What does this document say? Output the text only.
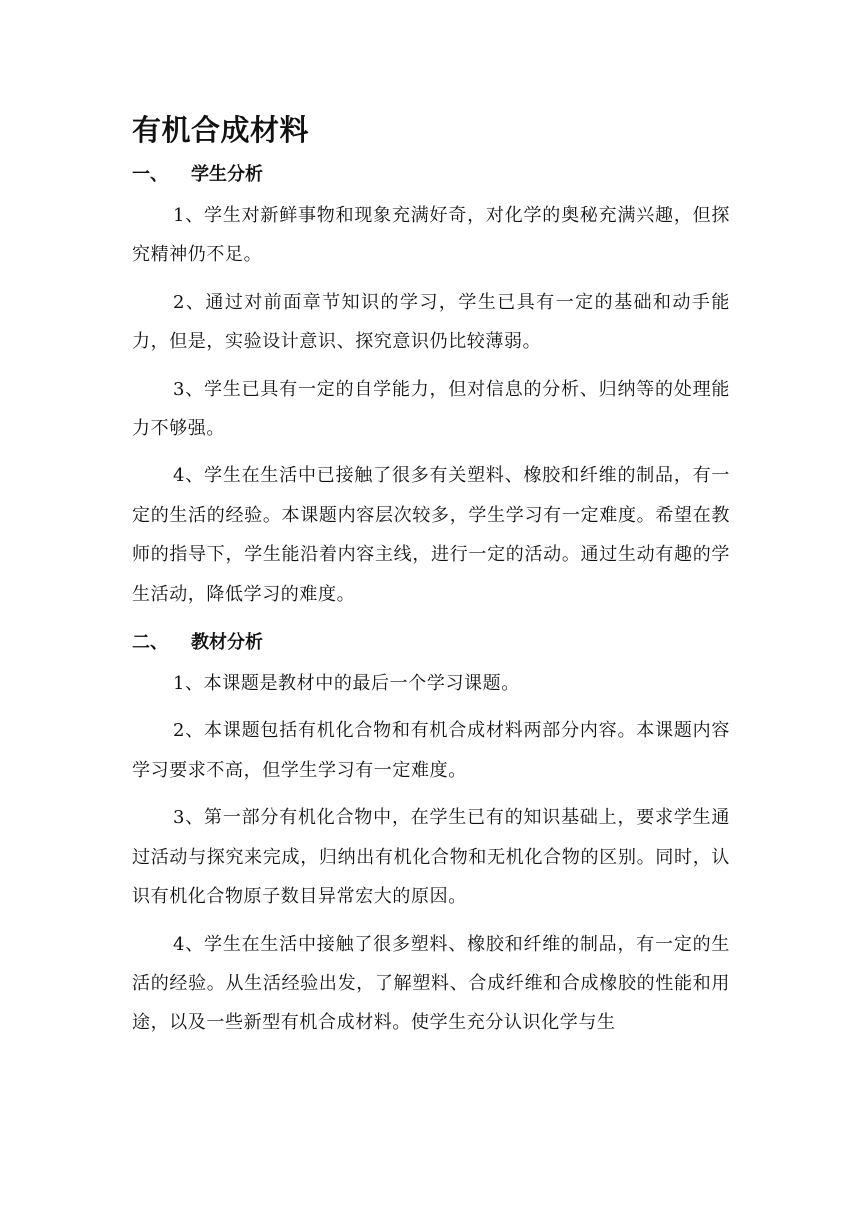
有机合成材料
一、	学生分析

1、学生对新鲜事物和现象充满好奇，对化学的奥秘充满兴趣，但探究精神仍不足。

2、通过对前面章节知识的学习，学生已具有一定的基础和动手能力，但是，实验设计意识、探究意识仍比较薄弱。

3、学生已具有一定的自学能力，但对信息的分析、归纳等的处理能力不够强。

4、学生在生活中已接触了很多有关塑料、橡胶和纤维的制品，有一定的生活的经验。本课题内容层次较多，学生学习有一定难度。希望在教师的指导下，学生能沿着内容主线，进行一定的活动。通过生动有趣的学生活动，降低学习的难度。

二、	教材分析

1、本课题是教材中的最后一个学习课题。

2、本课题包括有机化合物和有机合成材料两部分内容。本课题内容学习要求不高，但学生学习有一定难度。

3、第一部分有机化合物中，在学生已有的知识基础上，要求学生通过活动与探究来完成，归纳出有机化合物和无机化合物的区别。同时，认识有机化合物原子数目异常宏大的原因。

4、学生在生活中接触了很多塑料、橡胶和纤维的制品，有一定的生活的经验。从生活经验出发，了解塑料、合成纤维和合成橡胶的性能和用途，以及一些新型有机合成材料。使学生充分认识化学与生
